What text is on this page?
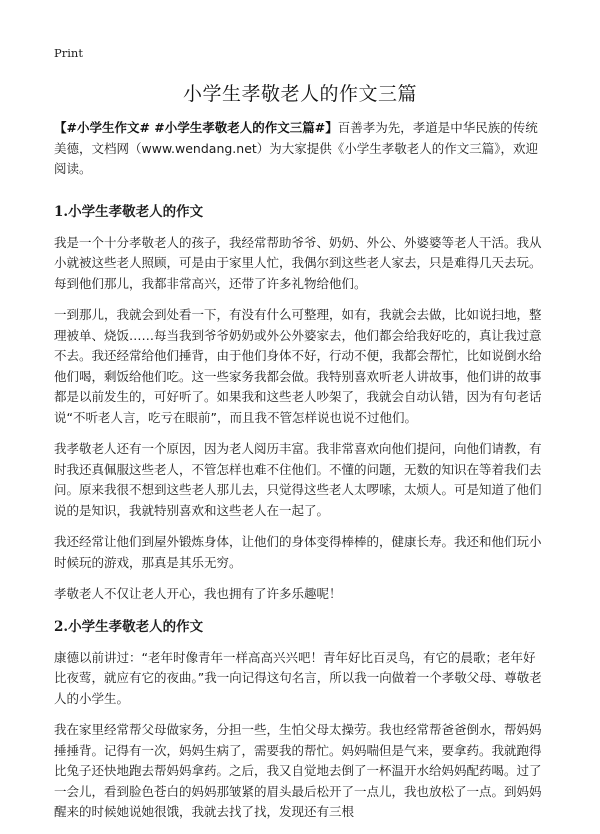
Print
小学生孝敬老人的作文三篇

【#小学生作文# #小学生孝敬老人的作文三篇#】百善孝为先，孝道是中华民族的传统美德，文档网（www.wendang.net）为大家提供《小学生孝敬老人的作文三篇》，欢迎阅读。

1.小学生孝敬老人的作文

我是一个十分孝敬老人的孩子，我经常帮助爷爷、奶奶、外公、外婆婆等老人干活。我从小就被这些老人照顾，可是由于家里人忙，我偶尔到这些老人家去，只是难得几天去玩。每到他们那儿，我都非常高兴，还带了许多礼物给他们。

一到那儿，我就会到处看一下，有没有什么可整理，如有，我就会去做，比如说扫地，整理被单、烧饭……每当我到爷爷奶奶或外公外婆家去，他们都会给我好吃的，真让我过意不去。我还经常给他们捶背，由于他们身体不好，行动不便，我都会帮忙，比如说倒水给他们喝，剩饭给他们吃。这一些家务我都会做。我特别喜欢听老人讲故事，他们讲的故事都是以前发生的，可好听了。如果我和这些老人吵架了，我就会自动认错，因为有句老话说“不听老人言，吃亏在眼前”，而且我不管怎样说也说不过他们。

我孝敬老人还有一个原因，因为老人阅历丰富。我非常喜欢向他们提问，向他们请教，有时我还真佩服这些老人，不管怎样也难不住他们。不懂的问题，无数的知识在等着我们去问。原来我很不想到这些老人那儿去，只觉得这些老人太啰嗦，太烦人。可是知道了他们说的是知识，我就特别喜欢和这些老人在一起了。

我还经常让他们到屋外锻炼身体，让他们的身体变得棒棒的，健康长寿。我还和他们玩小时候玩的游戏，那真是其乐无穷。

孝敬老人不仅让老人开心，我也拥有了许多乐趣呢！

2.小学生孝敬老人的作文

康德以前讲过：“老年时像青年一样高高兴兴吧！青年好比百灵鸟，有它的晨歌；老年好比夜莺，就应有它的夜曲。”我一向记得这句名言，所以我一向做着一个孝敬父母、尊敬老人的小学生。

我在家里经常帮父母做家务，分担一些，生怕父母太操劳。我也经常帮爸爸倒水，帮妈妈捶捶背。记得有一次，妈妈生病了，需要我的帮忙。妈妈喘但是气来，要拿药。我就跑得比兔子还快地跑去帮妈妈拿药。之后，我又自觉地去倒了一杯温开水给妈妈配药喝。过了一会儿，看到脸色苍白的妈妈那皱紧的眉头最后松开了一点儿，我也放松了一点。到妈妈醒来的时候她说她很饿，我就去找了找，发现还有三根
